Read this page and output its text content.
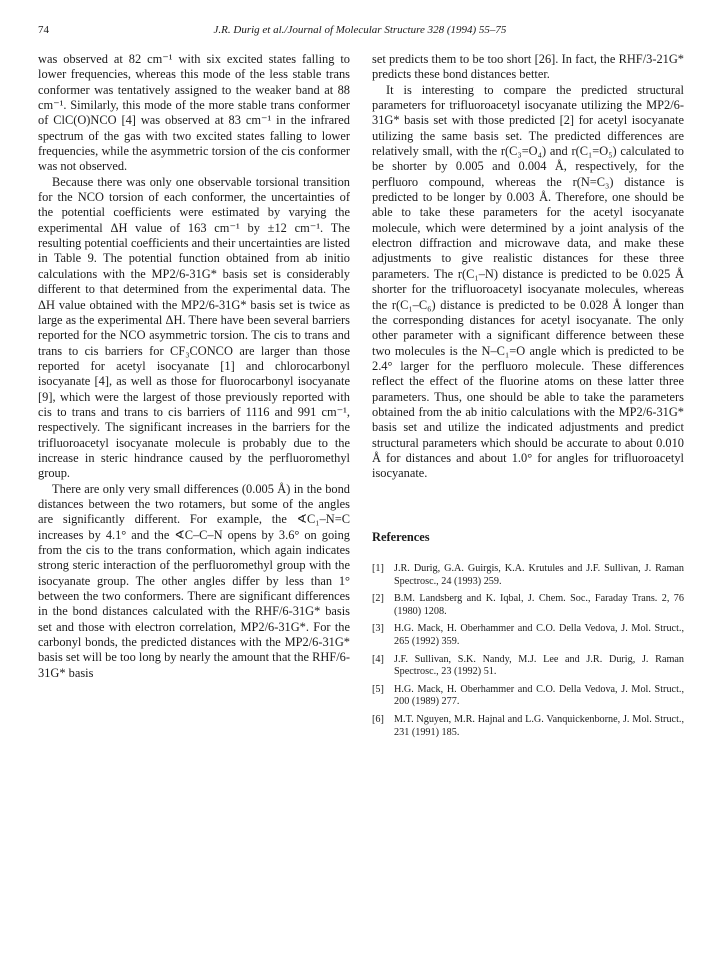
74	J.R. Durig et al./Journal of Molecular Structure 328 (1994) 55–75

was observed at 82 cm⁻¹ with six excited states falling to lower frequencies, whereas this mode of the less stable trans conformer was tentatively assigned to the weaker band at 88 cm⁻¹. Similarly, this mode of the more stable trans conformer of ClC(O)NCO [4] was observed at 83 cm⁻¹ in the infrared spectrum of the gas with two excited states falling to lower frequencies, while the asymmetric torsion of the cis conformer was not observed.

Because there was only one observable torsional transition for the NCO torsion of each conformer, the uncertainties of the potential coefficients were estimated by varying the experimental ΔH value of 163 cm⁻¹ by ±12 cm⁻¹. The resulting potential coefficients and their uncertainties are listed in Table 9. The potential function obtained from ab initio calculations with the MP2/6-31G* basis set is considerably different to that determined from the experimental data. The ΔH value obtained with the MP2/6-31G* basis set is twice as large as the experimental ΔH. There have been several barriers reported for the NCO asymmetric torsion. The cis to trans and trans to cis barriers for CF₃CONCO are larger than those reported for acetyl isocyanate [1] and chlorocarbonyl isocyanate [4], as well as those for fluorocarbonyl isocyanate [9], which were the largest of those previously reported with cis to trans and trans to cis barriers of 1116 and 991 cm⁻¹, respectively. The significant increases in the barriers for the trifluoroacetyl isocyanate molecule is probably due to the increase in steric hindrance caused by the perfluoromethyl group.

There are only very small differences (0.005 Å) in the bond distances between the two rotamers, but some of the angles are significantly different. For example, the ∢C₁–N=C increases by 4.1° and the ∢C–C–N opens by 3.6° on going from the cis to the trans conformation, which again indicates strong steric interaction of the perfluoromethyl group with the isocyanate group. The other angles differ by less than 1° between the two conformers. There are significant differences in the bond distances calculated with the RHF/6-31G* basis set and those with electron correlation, MP2/6-31G*. For the carbonyl bonds, the predicted distances with the MP2/6-31G* basis set will be too long by nearly the amount that the RHF/6-31G* basis

set predicts them to be too short [26]. In fact, the RHF/3-21G* predicts these bond distances better.

It is interesting to compare the predicted structural parameters for trifluoroacetyl isocyanate utilizing the MP2/6-31G* basis set with those predicted [2] for acetyl isocyanate utilizing the same basis set. The predicted differences are relatively small, with the r(C₃=O₄) and r(C₁=O₅) calculated to be shorter by 0.005 and 0.004 Å, respectively, for the perfluoro compound, whereas the r(N=C₃) distance is predicted to be longer by 0.003 Å. Therefore, one should be able to take these parameters for the acetyl isocyanate molecule, which were determined by a joint analysis of the electron diffraction and microwave data, and make these adjustments to give realistic distances for these three parameters. The r(C₁–N) distance is predicted to be 0.025 Å shorter for the trifluoroacetyl isocyanate molecules, whereas the r(C₁–C₆) distance is predicted to be 0.028 Å longer than the corresponding distances for acetyl isocyanate. The only other parameter with a significant difference between these two molecules is the N–C₁=O angle which is predicted to be 2.4° larger for the perfluoro molecule. These differences reflect the effect of the fluorine atoms on these latter three parameters. Thus, one should be able to take the parameters obtained from the ab initio calculations with the MP2/6-31G* basis set and utilize the indicated adjustments and predict structural parameters which should be accurate to about 0.010 Å for distances and about 1.0° for angles for trifluoroacetyl isocyanate.

References
[1] J.R. Durig, G.A. Guirgis, K.A. Krutules and J.F. Sullivan, J. Raman Spectrosc., 24 (1993) 259.
[2] B.M. Landsberg and K. Iqbal, J. Chem. Soc., Faraday Trans. 2, 76 (1980) 1208.
[3] H.G. Mack, H. Oberhammer and C.O. Della Vedova, J. Mol. Struct., 265 (1992) 359.
[4] J.F. Sullivan, S.K. Nandy, M.J. Lee and J.R. Durig, J. Raman Spectrosc., 23 (1992) 51.
[5] H.G. Mack, H. Oberhammer and C.O. Della Vedova, J. Mol. Struct., 200 (1989) 277.
[6] M.T. Nguyen, M.R. Hajnal and L.G. Vanquickenborne, J. Mol. Struct., 231 (1991) 185.
